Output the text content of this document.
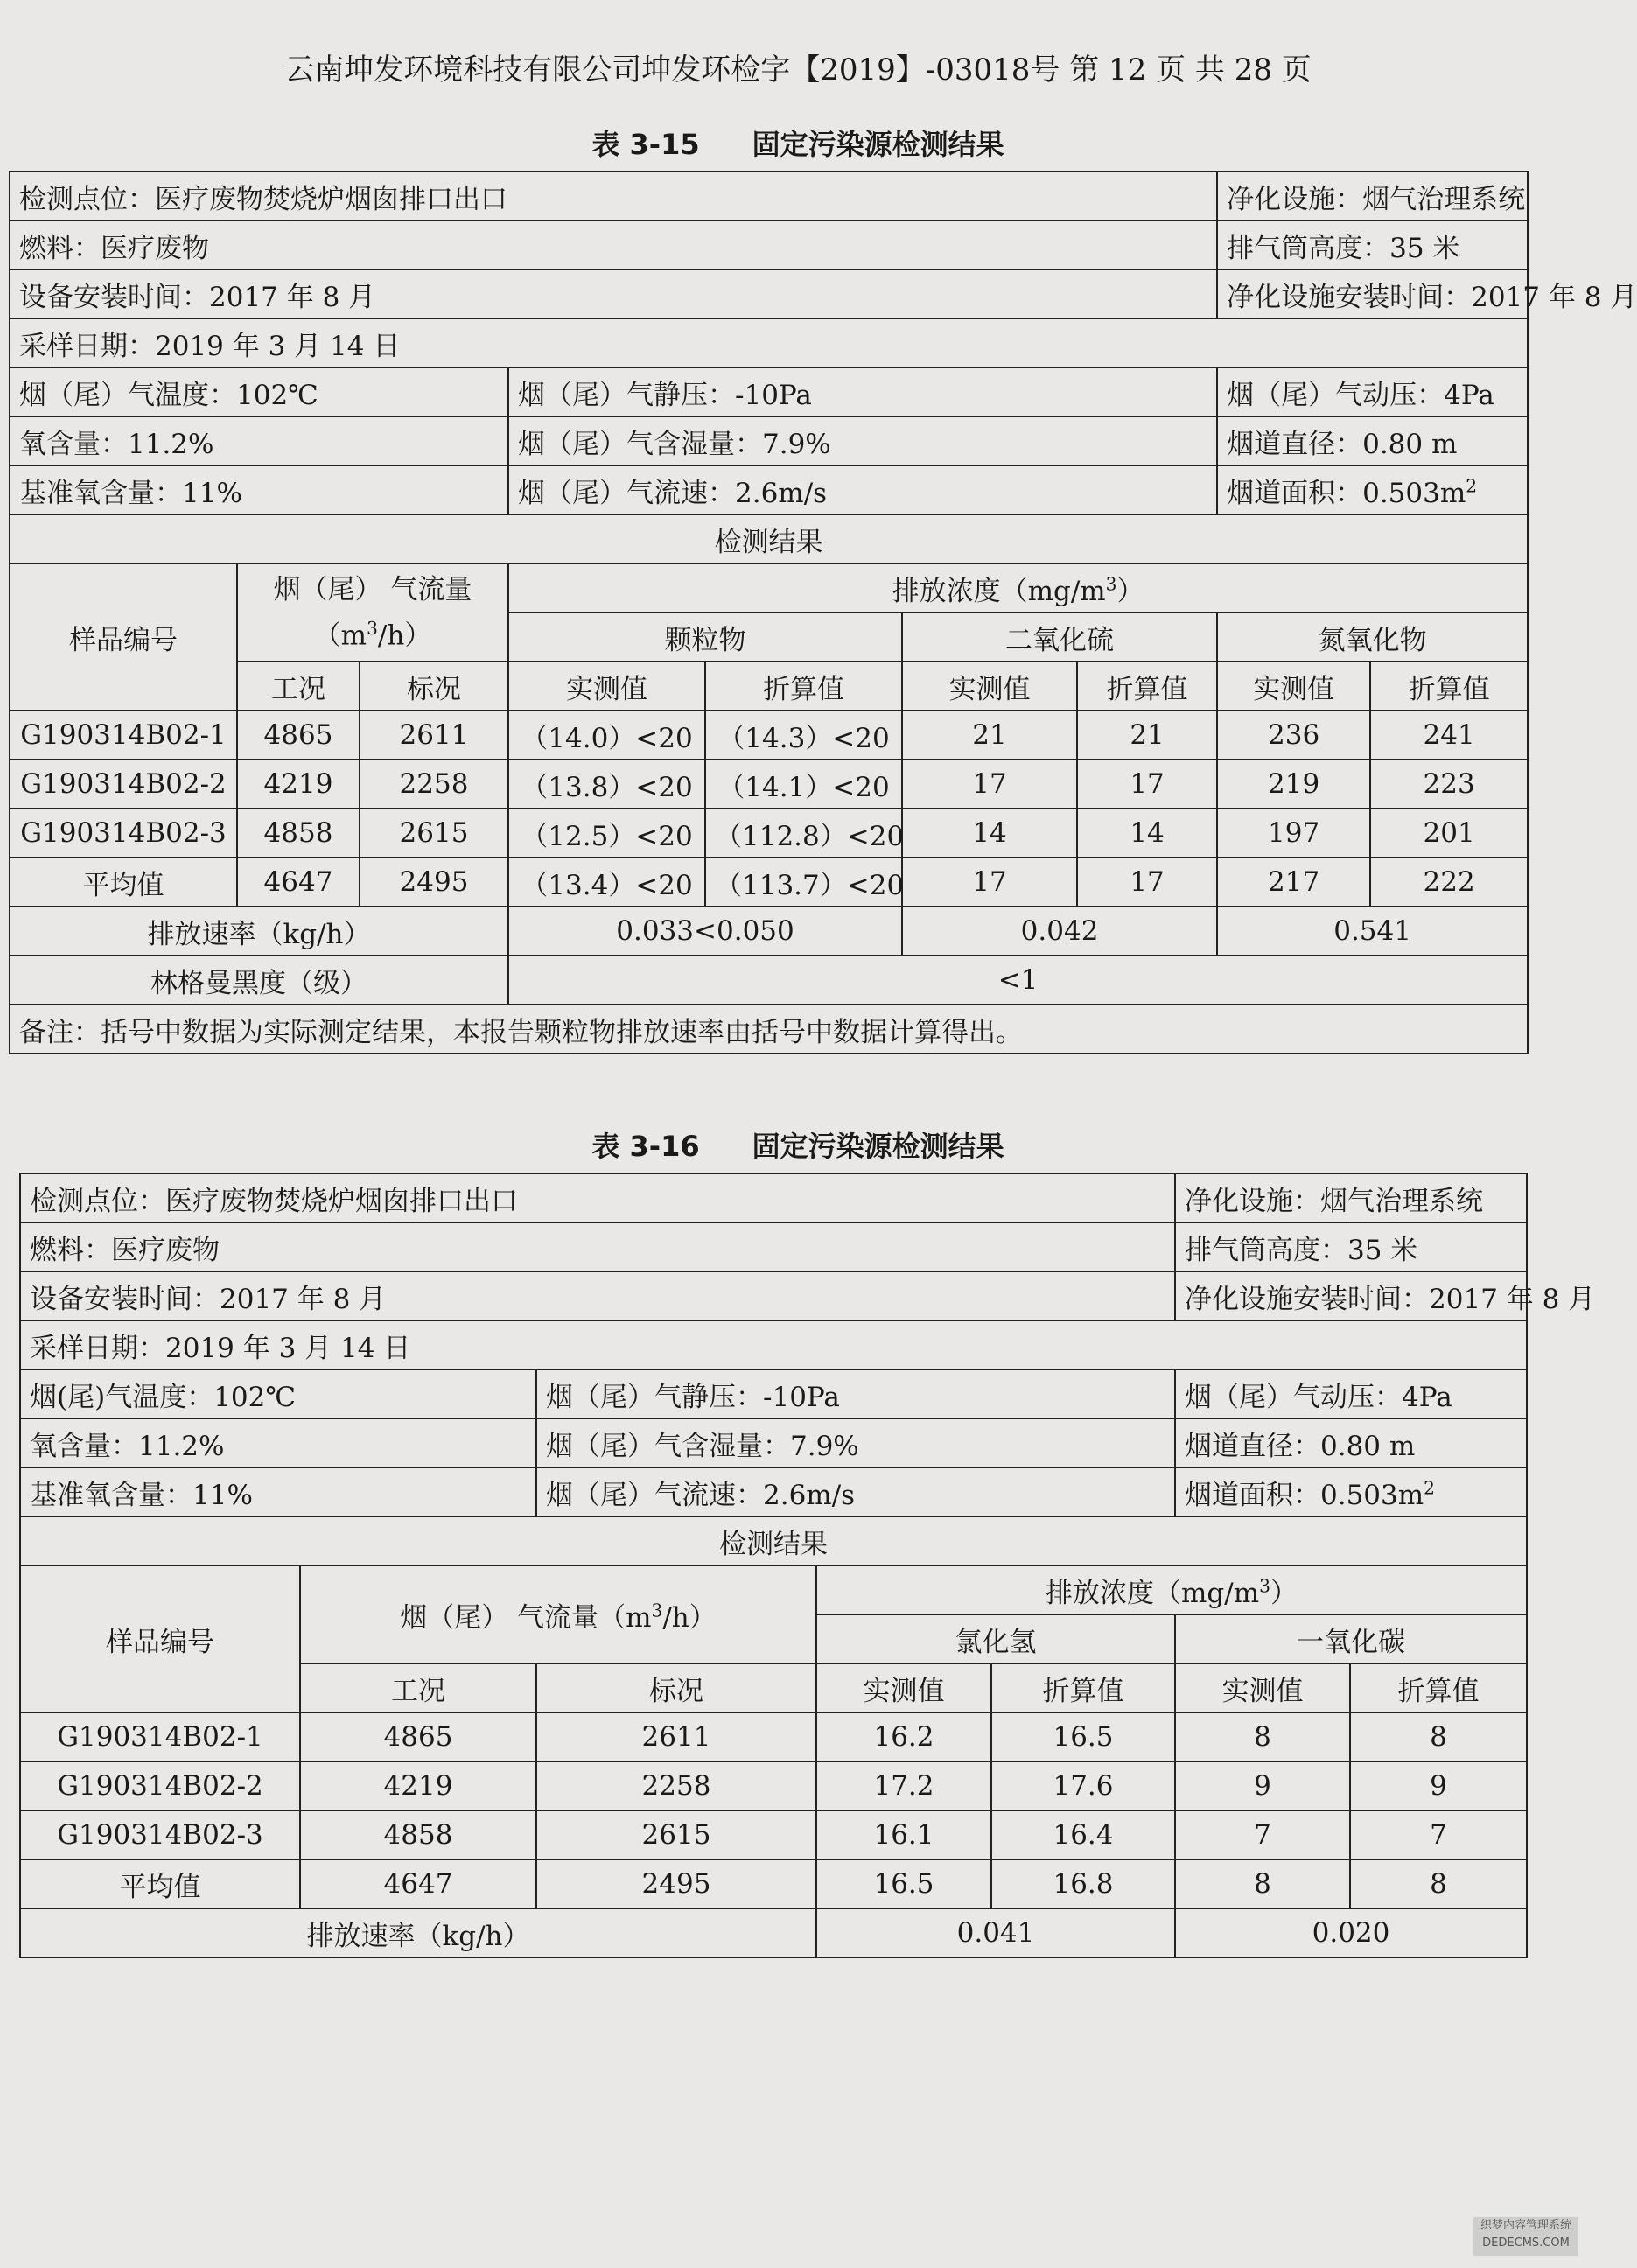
云南坤发环境科技有限公司坤发环检字【2019】-03018号 第 12 页 共 28 页
表 3-15 固定污染源检测结果
检测点位：医疗废物焚烧炉烟囱排口出口							净化设施：烟气治理系统	
燃料：医疗废物							排气筒高度：35 米	
设备安装时间：2017 年 8 月							净化设施安装时间：2017 年 8 月	
采样日期：2019 年 3 月 14 日								
烟（尾）气温度：102℃			烟（尾）气静压：-10Pa				烟（尾）气动压：4Pa	
氧含量：11.2%			烟（尾）气含湿量：7.9%				烟道直径：0.80 m	
基准氧含量：11%			烟（尾）气流速：2.6m/s				烟道面积：$0.503m^2$
检测结果								
样品编号	烟（尾） 气流量
$(m^3/h)$		排放浓度$(mg/m^3)$					
			颗粒物		二氧化硫		氮氧化物	
	工况	标况	实测值	折算值	实测值	折算值	实测值	折算值
G190314B02-1	4865	2611	（14.0）<20	（14.3）<20	21	21	236	241
G190314B02-2	4219	2258	（13.8）<20	（14.1）<20	17	17	219	223
G190314B02-3	4858	2615	（12.5）<20	（112.8）<20	14	14	197	201
平均值	4647	2495	（13.4）<20	（113.7）<20	17	17	217	222
排放速率（kg/h）			0.033<0.050		0.042		0.541	
林格曼黑度（级）			<1					
备注：括号中数据为实际测定结果，本报告颗粒物排放速率由括号中数据计算得出。								
表 3-16 固定污染源检测结果
检测点位：医疗废物焚烧炉烟囱排口出口					净化设施：烟气治理系统	
燃料：医疗废物					排气筒高度：35 米	
设备安装时间：2017 年 8 月					净化设施安装时间：2017 年 8 月	
采样日期：2019 年 3 月 14 日						
烟(尾)气温度：102℃		烟（尾）气静压：-10Pa			烟（尾）气动压：4Pa	
氧含量：11.2%		烟（尾）气含湿量：7.9%			烟道直径：0.80 m	
基准氧含量：11%		烟（尾）气流速：2.6m/s			烟道面积：$0.503m^2$
检测结果						
样品编号	烟（尾） 气流量$(m^3/h)$		排放浓度$(mg/m^3)$			
			氯化氢		一氧化碳	
	工况	标况	实测值	折算值	实测值	折算值
G190314B02-1	4865	2611	16.2	16.5	8	8
G190314B02-2	4219	2258	17.2	17.6	9	9
G190314B02-3	4858	2615	16.1	16.4	7	7
平均值	4647	2495	16.5	16.8	8	8
排放速率（kg/h）			0.041		0.020	
织梦内容管理系统
DEDECMS.COM
